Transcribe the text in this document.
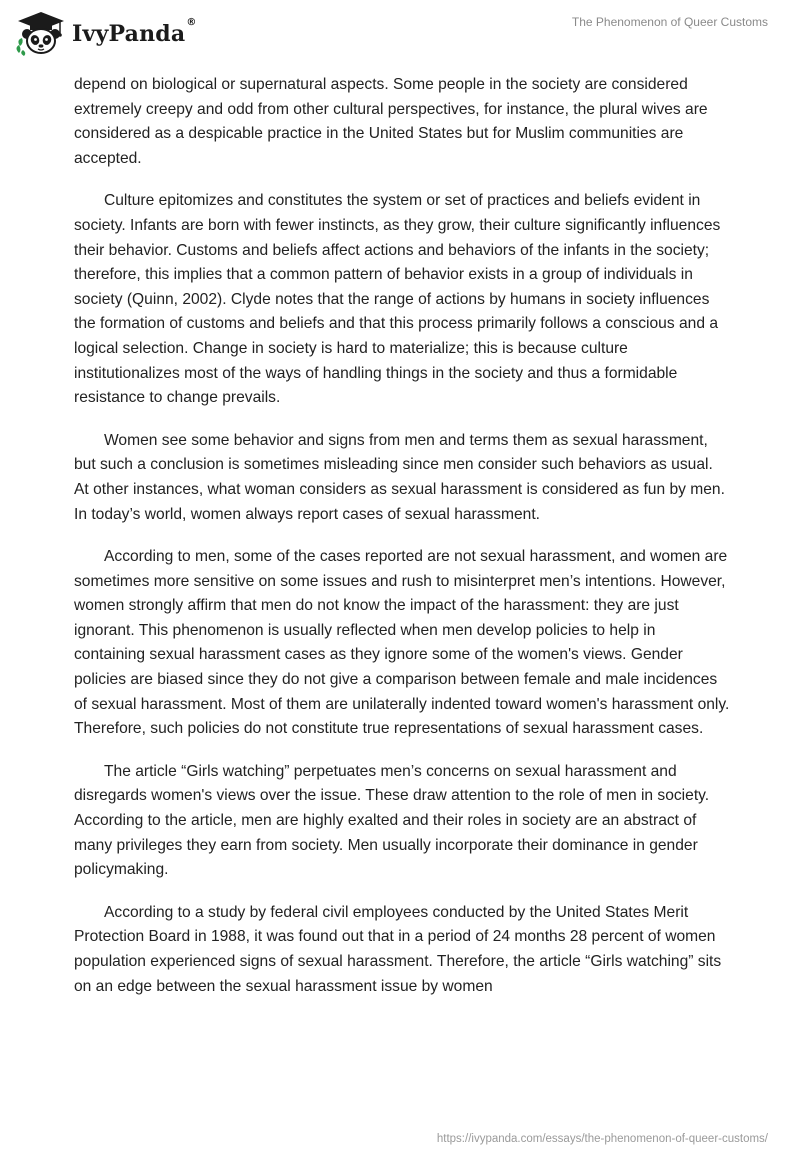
IvyPanda®	The Phenomenon of Queer Customs

depend on biological or supernatural aspects. Some people in the society are considered extremely creepy and odd from other cultural perspectives, for instance, the plural wives are considered as a despicable practice in the United States but for Muslim communities are accepted.

Culture epitomizes and constitutes the system or set of practices and beliefs evident in society. Infants are born with fewer instincts, as they grow, their culture significantly influences their behavior. Customs and beliefs affect actions and behaviors of the infants in the society; therefore, this implies that a common pattern of behavior exists in a group of individuals in society (Quinn, 2002). Clyde notes that the range of actions by humans in society influences the formation of customs and beliefs and that this process primarily follows a conscious and a logical selection. Change in society is hard to materialize; this is because culture institutionalizes most of the ways of handling things in the society and thus a formidable resistance to change prevails.

Women see some behavior and signs from men and terms them as sexual harassment, but such a conclusion is sometimes misleading since men consider such behaviors as usual. At other instances, what woman considers as sexual harassment is considered as fun by men. In today’s world, women always report cases of sexual harassment.

According to men, some of the cases reported are not sexual harassment, and women are sometimes more sensitive on some issues and rush to misinterpret men’s intentions. However, women strongly affirm that men do not know the impact of the harassment: they are just ignorant. This phenomenon is usually reflected when men develop policies to help in containing sexual harassment cases as they ignore some of the women's views. Gender policies are biased since they do not give a comparison between female and male incidences of sexual harassment. Most of them are unilaterally indented toward women's harassment only. Therefore, such policies do not constitute true representations of sexual harassment cases.

The article “Girls watching” perpetuates men’s concerns on sexual harassment and disregards women's views over the issue. These draw attention to the role of men in society. According to the article, men are highly exalted and their roles in society are an abstract of many privileges they earn from society. Men usually incorporate their dominance in gender policymaking.

According to a study by federal civil employees conducted by the United States Merit Protection Board in 1988, it was found out that in a period of 24 months 28 percent of women population experienced signs of sexual harassment. Therefore, the article “Girls watching” sits on an edge between the sexual harassment issue by women

https://ivypanda.com/essays/the-phenomenon-of-queer-customs/
